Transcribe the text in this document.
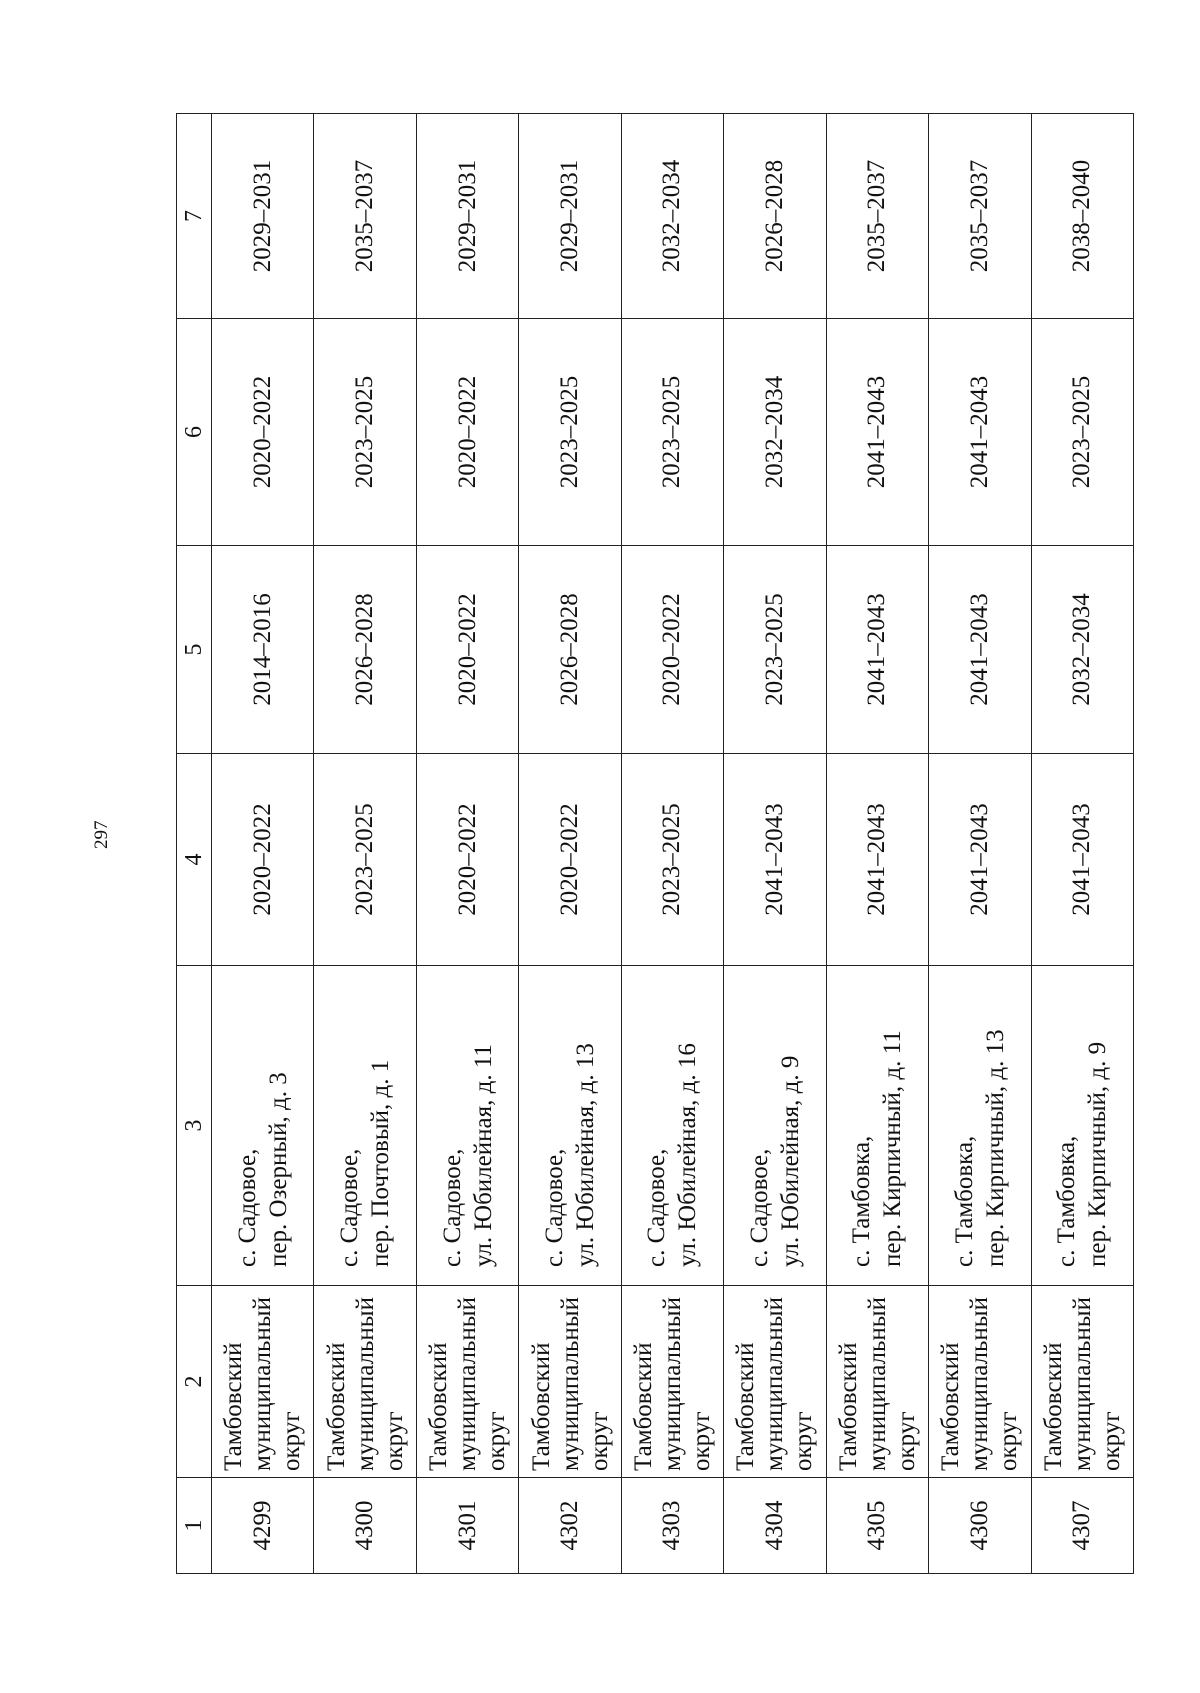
297
1	2	3	4	5	6	7
4299	Тамбовский муниципальный округ	с. Садовое, пер. Озерный, д. 3	2020–2022	2014–2016	2020–2022	2029–2031
4300	Тамбовский муниципальный округ	с. Садовое, пер. Почтовый, д. 1	2023–2025	2026–2028	2023–2025	2035–2037
4301	Тамбовский муниципальный округ	с. Садовое, ул. Юбилейная, д. 11	2020–2022	2020–2022	2020–2022	2029–2031
4302	Тамбовский муниципальный округ	с. Садовое, ул. Юбилейная, д. 13	2020–2022	2026–2028	2023–2025	2029–2031
4303	Тамбовский муниципальный округ	с. Садовое, ул. Юбилейная, д. 16	2023–2025	2020–2022	2023–2025	2032–2034
4304	Тамбовский муниципальный округ	с. Садовое, ул. Юбилейная, д. 9	2041–2043	2023–2025	2032–2034	2026–2028
4305	Тамбовский муниципальный округ	с. Тамбовка, пер. Кирпичный, д. 11	2041–2043	2041–2043	2041–2043	2035–2037
4306	Тамбовский муниципальный округ	с. Тамбовка, пер. Кирпичный, д. 13	2041–2043	2041–2043	2041–2043	2035–2037
4307	Тамбовский муниципальный округ	с. Тамбовка, пер. Кирпичный, д. 9	2041–2043	2032–2034	2023–2025	2038–2040
